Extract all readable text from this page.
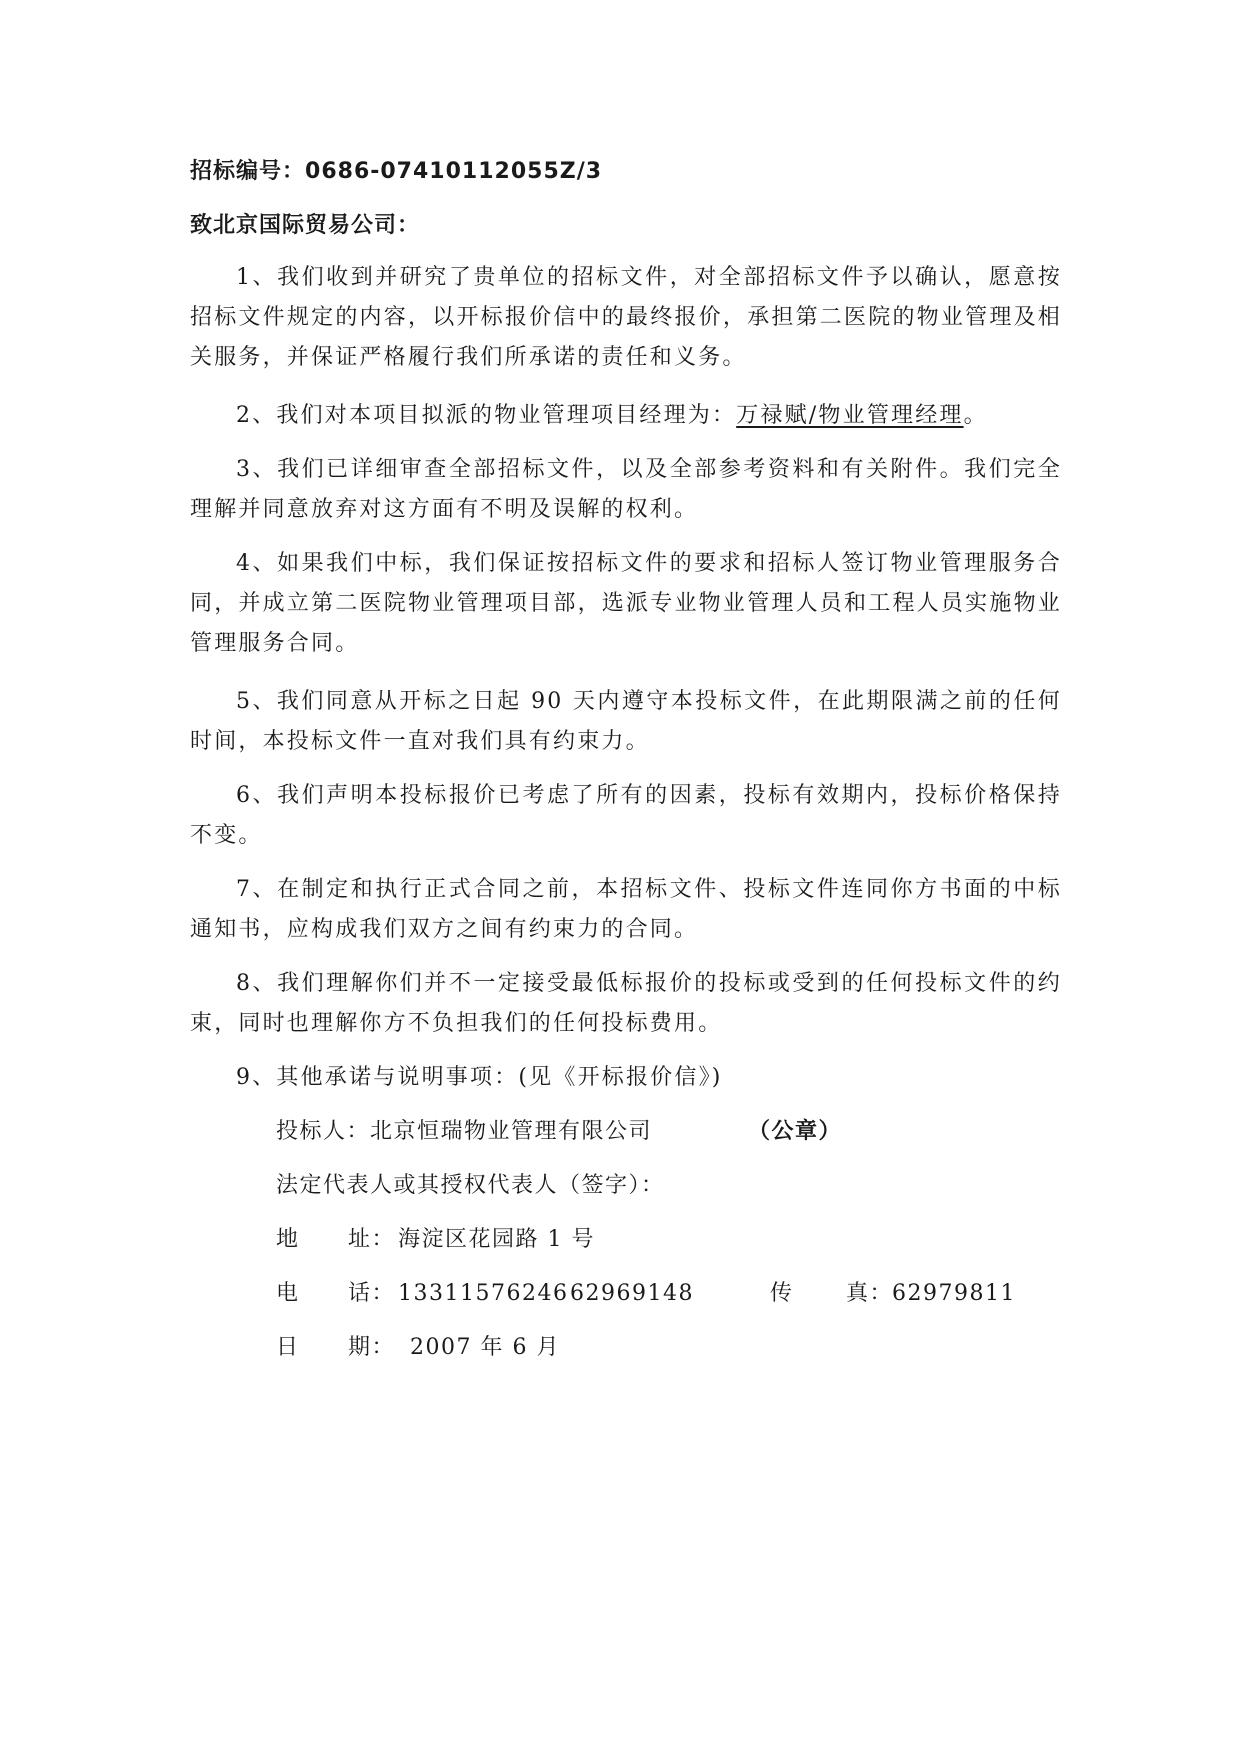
招标编号：0686-07410112055Z/3
致北京国际贸易公司：
1、我们收到并研究了贵单位的招标文件，对全部招标文件予以确认，愿意按招标文件规定的内容，以开标报价信中的最终报价，承担第二医院的物业管理及相关服务，并保证严格履行我们所承诺的责任和义务。
2、我们对本项目拟派的物业管理项目经理为：万禄赋/物业管理经理。
3、我们已详细审查全部招标文件，以及全部参考资料和有关附件。我们完全理解并同意放弃对这方面有不明及误解的权利。
4、如果我们中标，我们保证按招标文件的要求和招标人签订物业管理服务合同，并成立第二医院物业管理项目部，选派专业物业管理人员和工程人员实施物业管理服务合同。
5、我们同意从开标之日起 90 天内遵守本投标文件，在此期限满之前的任何时间，本投标文件一直对我们具有约束力。
6、我们声明本投标报价已考虑了所有的因素，投标有效期内，投标价格保持不变。
7、在制定和执行正式合同之前，本招标文件、投标文件连同你方书面的中标通知书，应构成我们双方之间有约束力的合同。
8、我们理解你们并不一定接受最低标报价的投标或受到的任何投标文件的约束，同时也理解你方不负担我们的任何投标费用。
9、其他承诺与说明事项：(见《开标报价信》)
投标人：北京恒瑞物业管理有限公司	（公章）
法定代表人或其授权代表人（签字）：
地 址： 海淀区花园路 1 号
电 话： 13311576246 62969148	传 真：
62979811
日 期： 2007 年 6 月
